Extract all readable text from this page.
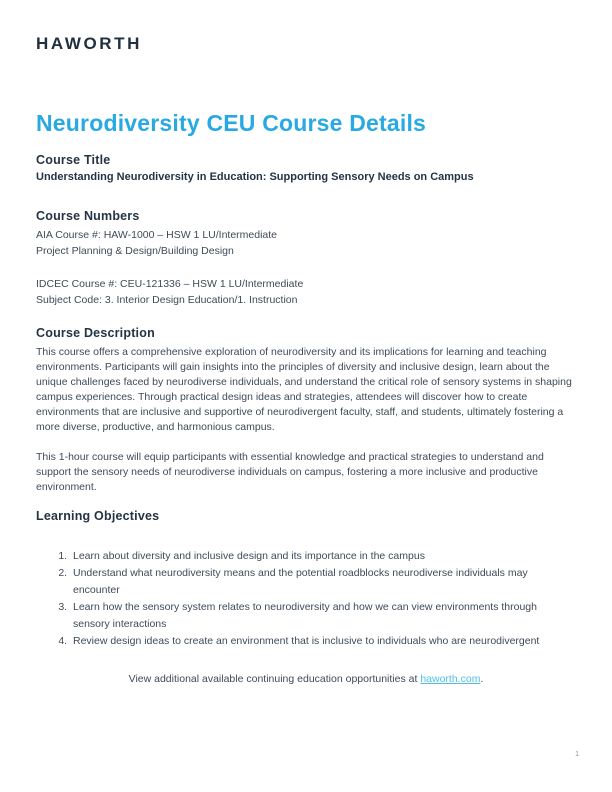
HAWORTH
Neurodiversity CEU Course Details
Course Title

Understanding Neurodiversity in Education: Supporting Sensory Needs on Campus

Course Numbers

AIA Course #: HAW-1000 – HSW 1 LU/Intermediate

Project Planning & Design/Building Design

IDCEC Course #: CEU-121336 – HSW 1 LU/Intermediate

Subject Code: 3. Interior Design Education/1. Instruction

Course Description

This course offers a comprehensive exploration of neurodiversity and its implications for learning and teaching environments. Participants will gain insights into the principles of diversity and inclusive design, learn about the unique challenges faced by neurodiverse individuals, and understand the critical role of sensory systems in shaping campus experiences. Through practical design ideas and strategies, attendees will discover how to create environments that are inclusive and supportive of neurodivergent faculty, staff, and students, ultimately fostering a more diverse, productive, and harmonious campus.

This 1-hour course will equip participants with essential knowledge and practical strategies to understand and support the sensory needs of neurodiverse individuals on campus, fostering a more inclusive and productive environment.

Learning Objectives
1. Learn about diversity and inclusive design and its importance in the campus
2. Understand what neurodiversity means and the potential roadblocks neurodiverse individuals may encounter
3. Learn how the sensory system relates to neurodiversity and how we can view environments through sensory interactions
4. Review design ideas to create an environment that is inclusive to individuals who are neurodivergent

View additional available continuing education opportunities at haworth.com.

1
